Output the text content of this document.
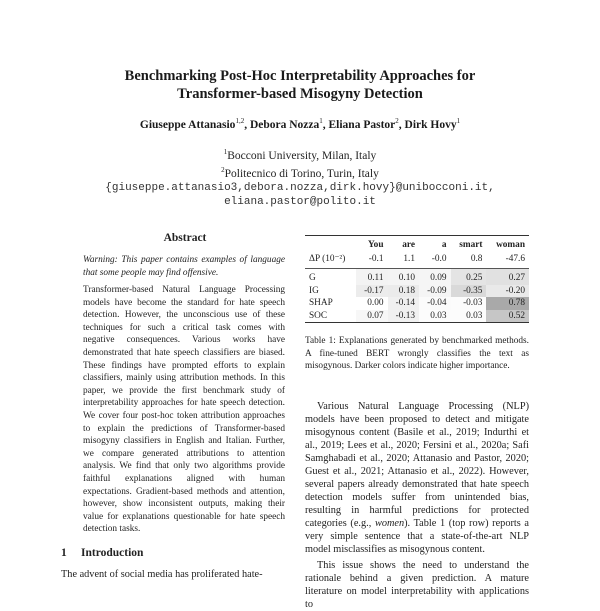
Benchmarking Post-Hoc Interpretability Approaches for
Transformer-based Misogyny Detection
Giuseppe Attanasio$^{1,2}$, Debora Nozza$^1$, Eliana Pastor$^2$, Dirk Hovy$^1$
$^1$Bocconi University, Milan, Italy
$^2$Politecnico di Torino, Turin, Italy
{giuseppe.attanasio3,debora.nozza,dirk.hovy}@unibocconi.it,
eliana.pastor@polito.it
Abstract
Warning: This paper contains examples of language that some people may find offensive.
Transformer-based Natural Language Processing models have become the standard for hate speech detection. However, the unconscious use of these techniques for such a critical task comes with negative consequences. Various works have demonstrated that hate speech classifiers are biased. These findings have prompted efforts to explain classifiers, mainly using attribution methods. In this paper, we provide the first benchmark study of interpretability approaches for hate speech detection. We cover four post-hoc token attribution approaches to explain the predictions of Transformer-based misogyny classifiers in English and Italian. Further, we compare generated attributions to attention analysis. We find that only two algorithms provide faithful explanations aligned with human expectations. Gradient-based methods and attention, however, show inconsistent outputs, making their value for explanations questionable for hate speech detection tasks.
1 Introduction
The advent of social media has proliferated hate-
	You	are	a	smart	woman
ΔP (10⁻²)	-0.1	1.1	-0.0	0.8	-47.6
G	0.11	0.10	0.09	0.25	0.27
IG	-0.17	0.18	-0.09	-0.35	-0.20
SHAP	0.00	-0.14	-0.04	-0.03	0.78
SOC	0.07	-0.13	0.03	0.03	0.52
Table 1: Explanations generated by benchmarked methods. A fine-tuned BERT wrongly classifies the text as misogynous. Darker colors indicate higher importance.

Various Natural Language Processing (NLP) models have been proposed to detect and mitigate misogynous content (Basile et al., 2019; Indurthi et al., 2019; Lees et al., 2020; Fersini et al., 2020a; Safi Samghabadi et al., 2020; Attanasio and Pastor, 2020; Guest et al., 2021; Attanasio et al., 2022). However, several papers already demonstrated that hate speech detection models suffer from unintended bias, resulting in harmful predictions for protected categories (e.g., women). Table 1 (top row) reports a very simple sentence that a state-of-the-art NLP model misclassifies as misogynous content.

This issue shows the need to understand the rationale behind a given prediction. A mature literature on model interpretability with applications to
